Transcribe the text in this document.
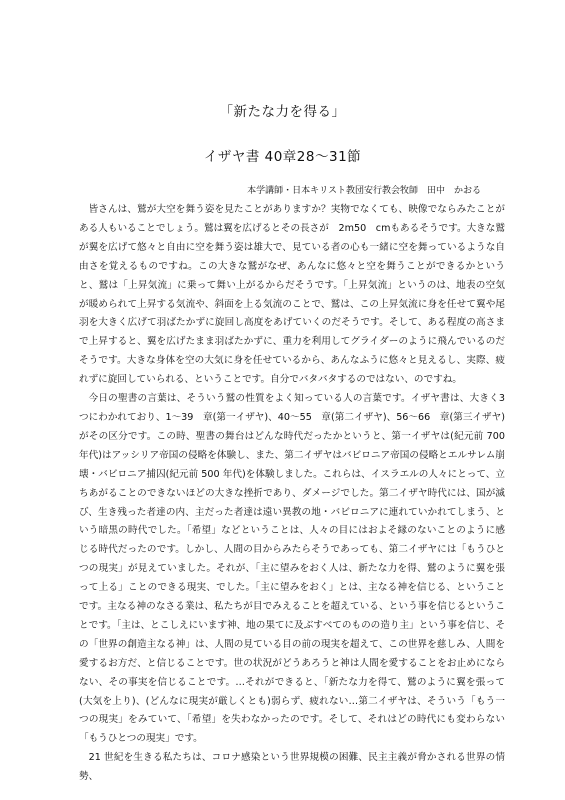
「新たな力を得る」
イザヤ書 40章28～31節

本学講師・日本キリスト教団安行教会牧師　田中　かおる

皆さんは、鷲が大空を舞う姿を見たことがありますか？実物でなくても、映像でならみたことがある人もいることでしょう。鷲は翼を広げるとその長さが　2m50　cmもあるそうです。大きな鷲が翼を広げて悠々と自由に空を舞う姿は雄大で、見ている者の心も一緒に空を舞っているような自由さを覚えるものですね。この大きな鷲がなぜ、あんなに悠々と空を舞うことができるかというと、鷲は「上昇気流」に乗って舞い上がるからだそうです。「上昇気流」というのは、地表の空気が暖められて上昇する気流や、斜面を上る気流のことで、鷲は、この上昇気流に身を任せて翼や尾羽を大きく広げて羽ばたかずに旋回し高度をあげていくのだそうです。そして、ある程度の高さまで上昇すると、翼を広げたまま羽ばたかずに、重力を利用してグライダーのように飛んでいるのだそうです。大きな身体を空の大気に身を任せているから、あんなふうに悠々と見えるし、実際、疲れずに旋回していられる、ということです。自分でバタバタするのではない、のですね。

今日の聖書の言葉は、そういう鷲の性質をよく知っている人の言葉です。イザヤ書は、大きく3つにわかれており、1～39　章(第一イザヤ)、40～55　章(第二イザヤ)、56～66　章(第三イザヤ)がその区分です。この時、聖書の舞台はどんな時代だったかというと、第一イザヤは(紀元前 700 年代)はアッシリア帝国の侵略を体験し、また、第二イザヤはバビロニア帝国の侵略とエルサレム崩壊・バビロニア捕囚(紀元前 500 年代)を体験しました。これらは、イスラエルの人々にとって、立ちあがることのできないほどの大きな挫折であり、ダメージでした。第二イザヤ時代には、国が滅び、生き残った者達の内、主だった者達は遠い異教の地・バビロニアに連れていかれてしまう、という暗黒の時代でした。「希望」などということは、人々の目にはおよそ縁のないことのように感じる時代だったのです。しかし、人間の目からみたらそうであっても、第二イザヤには「もうひとつの現実」が見えていました。それが、「主に望みをおく人は、新たな力を得、鷲のように翼を張って上る」ことのできる現実、でした。「主に望みをおく」とは、主なる神を信じる、ということです。主なる神のなさる業は、私たちが目でみえることを超えている、という事を信じるということです。「主は、とこしえにいます神、地の果てに及ぶすべてのものの造り主」という事を信じ、その「世界の創造主なる神」は、人間の見ている目の前の現実を超えて、この世界を慈しみ、人間を愛するお方だ、と信じることです。世の状況がどうあろうと神は人間を愛することをお止めにならない、その事実を信じることです。…それができると、「新たな力を得て、鷲のように翼を張って(大気を上り)、(どんなに現実が厳しくとも)弱らず、疲れない…第二イザヤは、そういう「もう一つの現実」をみていて、「希望」を失わなかったのです。そして、それはどの時代にも変わらない「もうひとつの現実」です。

21 世紀を生きる私たちは、コロナ感染という世界規模の困難、民主主義が脅かされる世界の情勢、
